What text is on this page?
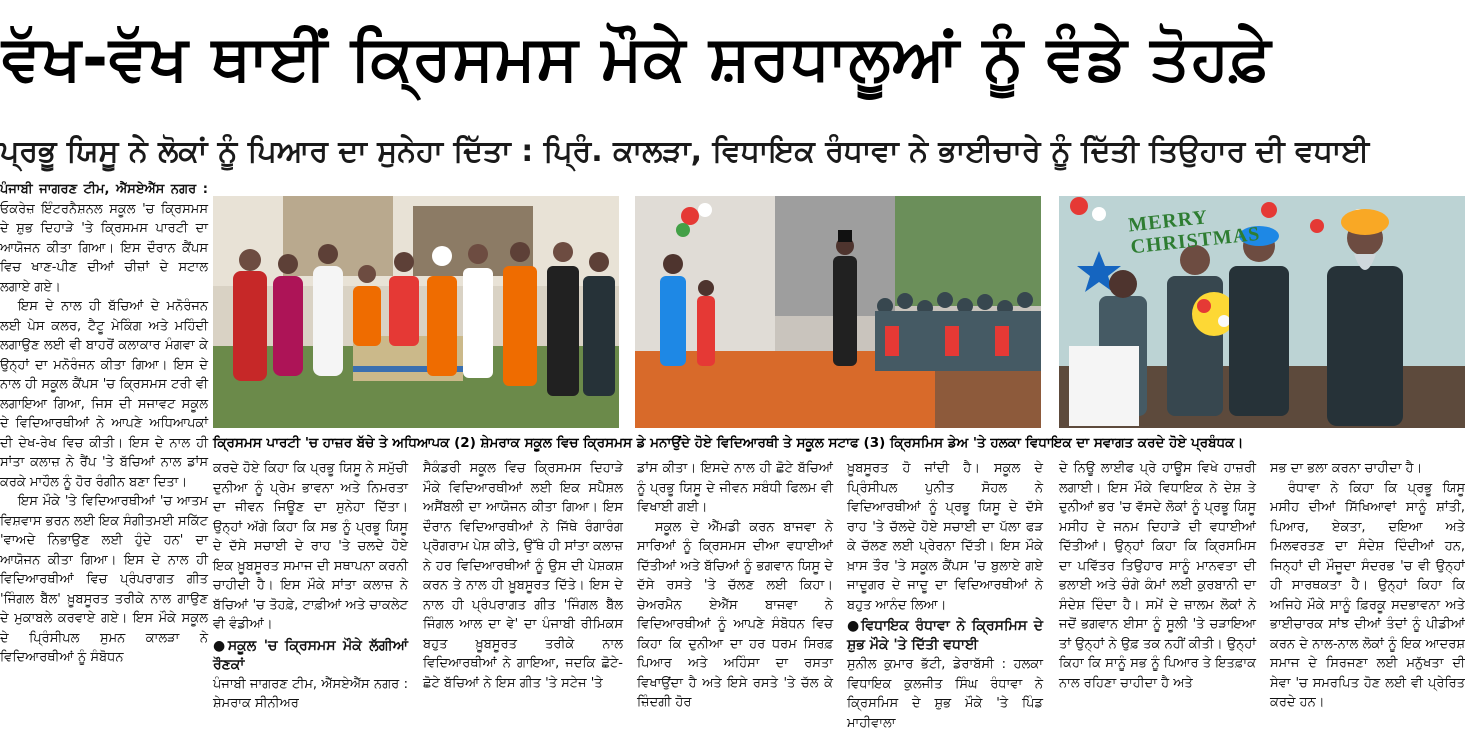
ਵੱਖ-ਵੱਖ ਥਾਈਂ ਕ੍ਰਿਸਮਸ ਮੌਕੇ ਸ਼ਰਧਾਲੂਆਂ ਨੂੰ ਵੰਡੇ ਤੋਹਫ਼ੇ
ਪ੍ਰਭੂ ਯਿਸੂ ਨੇ ਲੋਕਾਂ ਨੂੰ ਪਿਆਰ ਦਾ ਸੁਨੇਹਾ ਦਿੱਤਾ : ਪ੍ਰਿੰ. ਕਾਲੜਾ, ਵਿਧਾਇਕ ਰੰਧਾਵਾ ਨੇ ਭਾਈਚਾਰੇ ਨੂੰ ਦਿੱਤੀ ਤਿਉਹਾਰ ਦੀ ਵਧਾਈ

ਪੰਜਾਬੀ ਜਾਗਰਣ ਟੀਮ, ਐੱਸਏਐੱਸ ਨਗਰ : ਓਕਰੇਜ਼ ਇੰਟਰਨੈਸ਼ਨਲ ਸਕੂਲ 'ਚ ਕ੍ਰਿਸਮਸ ਦੇ ਸ਼ੁਭ ਦਿਹਾੜੇ 'ਤੇ ਕ੍ਰਿਸਮਸ ਪਾਰਟੀ ਦਾ ਆਯੋਜਨ ਕੀਤਾ ਗਿਆ। ਇਸ ਦੌਰਾਨ ਕੈਂਪਸ ਵਿਚ ਖਾਣ-ਪੀਣ ਦੀਆਂ ਚੀਜ਼ਾਂ ਦੇ ਸਟਾਲ ਲਗਾਏ ਗਏ।

ਇਸ ਦੇ ਨਾਲ ਹੀ ਬੱਚਿਆਂ ਦੇ ਮਨੋਰੰਜਨ ਲਈ ਪੇਸ ਕਲਰ, ਟੈਟੂ ਮੇਕਿੰਗ ਅਤੇ ਮਹਿੰਦੀ ਲਗਾਉਣ ਲਈ ਵੀ ਬਾਹਰੋਂ ਕਲਾਕਾਰ ਮੰਗਵਾ ਕੇ ਉਨ੍ਹਾਂ ਦਾ ਮਨੋਰੰਜਨ ਕੀਤਾ ਗਿਆ। ਇਸ ਦੇ ਨਾਲ ਹੀ ਸਕੂਲ ਕੈਂਪਸ 'ਚ ਕ੍ਰਿਸਮਸ ਟਰੀ ਵੀ ਲਗਾਇਆ ਗਿਆ, ਜਿਸ ਦੀ ਸਜਾਵਟ ਸਕੂਲ ਦੇ ਵਿਦਿਆਰਥੀਆਂ ਨੇ ਆਪਣੇ ਅਧਿਆਪਕਾਂ ਦੀ ਦੇਖ-ਰੇਖ ਵਿਚ ਕੀਤੀ। ਇਸ ਦੇ ਨਾਲ ਹੀ ਸਾਂਤਾ ਕਲਾਜ਼ ਨੇ ਰੈਂਪ 'ਤੇ ਬੱਚਿਆਂ ਨਾਲ ਡਾਂਸ ਕਰਕੇ ਮਾਹੌਲ ਨੂੰ ਹੋਰ ਰੰਗੀਨ ਬਣਾ ਦਿਤਾ।

ਇਸ ਮੌਕੇ 'ਤੇ ਵਿਦਿਆਰਥੀਆਂ 'ਚ ਆਤਮ ਵਿਸ਼ਵਾਸ ਭਰਨ ਲਈ ਇਕ ਸੰਗੀਤਮਈ ਸਕਿੱਟ 'ਵਾਅਦੇ ਨਿਭਾਉਣ ਲਈ ਹੁੰਦੇ ਹਨ' ਦਾ ਆਯੋਜਨ ਕੀਤਾ ਗਿਆ। ਇਸ ਦੇ ਨਾਲ ਹੀ ਵਿਦਿਆਰਥੀਆਂ ਵਿਚ ਪ੍ਰੰਪਰਾਗਤ ਗੀਤ 'ਜਿੰਗਲ ਬੈੱਲ' ਖ਼ੂਬਸੂਰਤ ਤਰੀਕੇ ਨਾਲ ਗਾਉਣ ਦੇ ਮੁਕਾਬਲੇ ਕਰਵਾਏ ਗਏ। ਇਸ ਮੌਕੇ ਸਕੂਲ ਦੇ ਪ੍ਰਿੰਸੀਪਲ ਸੁਮਨ ਕਾਲੜਾ ਨੇ ਵਿਦਿਆਰਥੀਆਂ ਨੂੰ ਸੰਬੋਧਨ

MERRY CHRISTMAS
ਕ੍ਰਿਸਮਸ ਪਾਰਟੀ 'ਚ ਹਾਜ਼ਰ ਬੱਚੇ ਤੇ ਅਧਿਆਪਕ (2) ਸ਼ੇਮਰਾਕ ਸਕੂਲ ਵਿਚ ਕ੍ਰਿਸਮਸ ਡੇ ਮਨਾਉਂਦੇ ਹੋਏ ਵਿਦਿਆਰਥੀ ਤੇ ਸਕੂਲ ਸਟਾਫ (3) ਕ੍ਰਿਸਮਿਸ ਡੇਅ 'ਤੇ ਹਲਕਾ ਵਿਧਾਇਕ ਦਾ ਸਵਾਗਤ ਕਰਦੇ ਹੋਏ ਪ੍ਰਬੰਧਕ।

ਕਰਦੇ ਹੋਏ ਕਿਹਾ ਕਿ ਪ੍ਰਭੂ ਯਿਸੂ ਨੇ ਸਮੁੱਚੀ ਦੁਨੀਆ ਨੂੰ ਪ੍ਰੇਮ ਭਾਵਨਾ ਅਤੇ ਨਿਮਰਤਾ ਦਾ ਜੀਵਨ ਜਿਊਣ ਦਾ ਸੁਨੇਹਾ ਦਿੱਤਾ। ਉਨ੍ਹਾਂ ਅੱਗੇ ਕਿਹਾ ਕਿ ਸਭ ਨੂੰ ਪ੍ਰਭੂ ਯਿਸੂ ਦੇ ਦੱਸੇ ਸਚਾਈ ਦੇ ਰਾਹ 'ਤੇ ਚਲਦੇ ਹੋਏ ਇਕ ਖ਼ੂਬਸੂਰਤ ਸਮਾਜ ਦੀ ਸਥਾਪਨਾ ਕਰਨੀ ਚਾਹੀਦੀ ਹੈ। ਇਸ ਮੌਕੇ ਸਾਂਤਾ ਕਲਾਜ਼ ਨੇ ਬੱਚਿਆਂ 'ਚ ਤੋਹਫ਼ੇ, ਟਾਫ਼ੀਆਂ ਅਤੇ ਚਾਕਲੇਟ ਵੀ ਵੰਡੀਆਂ।

●ਸਕੂਲ 'ਚ ਕ੍ਰਿਸਮਸ ਮੌਕੇ ਲੱਗੀਆਂ ਰੌਣਕਾਂ

ਪੰਜਾਬੀ ਜਾਗਰਣ ਟੀਮ, ਐੱਸਏਐੱਸ ਨਗਰ : ਸ਼ੇਮਰਾਕ ਸੀਨੀਅਰ

ਸੈਕੰਡਰੀ ਸਕੂਲ ਵਿਚ ਕ੍ਰਿਸਮਸ ਦਿਹਾੜੇ ਮੌਕੇ ਵਿਦਿਆਰਥੀਆਂ ਲਈ ਇਕ ਸਪੈਸ਼ਲ ਅਸੈਂਬਲੀ ਦਾ ਆਯੋਜਨ ਕੀਤਾ ਗਿਆ। ਇਸ ਦੌਰਾਨ ਵਿਦਿਆਰਥੀਆਂ ਨੇ ਜਿੱਥੇ ਰੰਗਾਰੰਗ ਪ੍ਰੋਗਰਾਮ ਪੇਸ਼ ਕੀਤੇ, ਉੱਥੇ ਹੀ ਸਾਂਤਾ ਕਲਾਜ਼ ਨੇ ਹਰ ਵਿਦਿਆਰਥੀਆਂ ਨੂੰ ਉਸ ਦੀ ਪੇਸ਼ਕਸ਼ ਕਰਨ ਤੇ ਨਾਲ ਹੀ ਖ਼ੂਬਸੂਰਤ ਦਿੱਤੇ। ਇਸ ਦੇ ਨਾਲ ਹੀ ਪ੍ਰੰਪਰਾਗਤ ਗੀਤ 'ਜਿੰਗਲ ਬੈੱਲ ਜਿੰਗਲ ਆਲ ਦਾ ਵੇ' ਦਾ ਪੰਜਾਬੀ ਰੀਮਿਕਸ ਬਹੁਤ ਖ਼ੂਬਸੂਰਤ ਤਰੀਕੇ ਨਾਲ ਵਿਦਿਆਰਥੀਆਂ ਨੇ ਗਾਇਆ, ਜਦਕਿ ਛੋਟੇ-ਛੋਟੇ ਬੱਚਿਆਂ ਨੇ ਇਸ ਗੀਤ 'ਤੇ ਸਟੇਜ 'ਤੇ

ਡਾਂਸ ਕੀਤਾ। ਇਸਦੇ ਨਾਲ ਹੀ ਛੋਟੇ ਬੱਚਿਆਂ ਨੂੰ ਪ੍ਰਭੂ ਯਿਸੂ ਦੇ ਜੀਵਨ ਸਬੰਧੀ ਫਿਲਮ ਵੀ ਵਿਖਾਈ ਗਈ।

ਸਕੂਲ ਦੇ ਐੱਮਡੀ ਕਰਨ ਬਾਜਵਾ ਨੇ ਸਾਰਿਆਂ ਨੂੰ ਕ੍ਰਿਸਮਸ ਦੀਆ ਵਧਾਈਆਂ ਦਿੱਤੀਆਂ ਅਤੇ ਬੱਚਿਆਂ ਨੂੰ ਭਗਵਾਨ ਯਿਸੂ ਦੇ ਦੱਸੇ ਰਸਤੇ 'ਤੇ ਚੱਲਣ ਲਈ ਕਿਹਾ। ਚੇਅਰਮੈਨ ਏਐੱਸ ਬਾਜਵਾ ਨੇ ਵਿਦਿਆਰਥੀਆਂ ਨੂੰ ਆਪਣੇ ਸੰਬੋਧਨ ਵਿਚ ਕਿਹਾ ਕਿ ਦੁਨੀਆ ਦਾ ਹਰ ਧਰਮ ਸਿਰਫ਼ ਪਿਆਰ ਅਤੇ ਅਹਿੰਸਾ ਦਾ ਰਸਤਾ ਵਿਖਾਉਂਦਾ ਹੈ ਅਤੇ ਇਸੇ ਰਸਤੇ 'ਤੇ ਚੱਲ ਕੇ ਜ਼ਿੰਦਗੀ ਹੋਰ

ਖ਼ੂਬਸੂਰਤ ਹੋ ਜਾਂਦੀ ਹੈ। ਸਕੂਲ ਦੇ ਪ੍ਰਿੰਸੀਪਲ ਪੁਨੀਤ ਸੋਹਲ ਨੇ ਵਿਦਿਆਰਥੀਆਂ ਨੂੰ ਪ੍ਰਭੂ ਯਿਸੂ ਦੇ ਦੱਸੇ ਰਾਹ 'ਤੇ ਚੱਲਦੇ ਹੋਏ ਸਚਾਈ ਦਾ ਪੱਲਾ ਫੜ ਕੇ ਚੱਲਣ ਲਈ ਪ੍ਰੇਰਨਾ ਦਿੱਤੀ। ਇਸ ਮੌਕੇ ਖ਼ਾਸ ਤੌਰ 'ਤੇ ਸਕੂਲ ਕੈਂਪਸ 'ਚ ਬੁਲਾਏ ਗਏ ਜਾਦੂਗਰ ਦੇ ਜਾਦੂ ਦਾ ਵਿਦਿਆਰਥੀਆਂ ਨੇ ਬਹੁਤ ਆਨੰਦ ਲਿਆ।

●ਵਿਧਾਇਕ ਰੰਧਾਵਾ ਨੇ ਕ੍ਰਿਸਮਿਸ ਦੇ ਸ਼ੁਭ ਮੌਕੇ 'ਤੇ ਦਿੱਤੀ ਵਧਾਈ

ਸੁਨੀਲ ਕੁਮਾਰ ਭੱਟੀ, ਡੇਰਾਬੱਸੀ : ਹਲਕਾ ਵਿਧਾਇਕ ਕੁਲਜੀਤ ਸਿੰਘ ਰੰਧਾਵਾ ਨੇ ਕ੍ਰਿਸਮਿਸ ਦੇ ਸ਼ੁਭ ਮੌਕੇ 'ਤੇ ਪਿੰਡ ਮਾਹੀਵਾਲਾ

ਦੇ ਨਿਊ ਲਾਈਫ ਪ੍ਰੇ ਹਾਊਸ ਵਿਖੇ ਹਾਜ਼ਰੀ ਲਗਾਈ। ਇਸ ਮੌਕੇ ਵਿਧਾਇਕ ਨੇ ਦੇਸ਼ ਤੇ ਦੁਨੀਆਂ ਭਰ 'ਚ ਵੱਸਦੇ ਲੋਕਾਂ ਨੂੰ ਪ੍ਰਭੂ ਯਿਸੂ ਮਸੀਹ ਦੇ ਜਨਮ ਦਿਹਾੜੇ ਦੀ ਵਧਾਈਆਂ ਦਿੱਤੀਆਂ। ਉਨ੍ਹਾਂ ਕਿਹਾ ਕਿ ਕ੍ਰਿਸਮਿਸ ਦਾ ਪਵਿੱਤਰ ਤਿਉਹਾਰ ਸਾਨੂੰ ਮਾਨਵਤਾ ਦੀ ਭਲਾਈ ਅਤੇ ਚੰਗੇ ਕੰਮਾਂ ਲਈ ਕੁਰਬਾਨੀ ਦਾ ਸੰਦੇਸ਼ ਦਿੰਦਾ ਹੈ। ਸਮੇਂ ਦੇ ਜ਼ਾਲਮ ਲੋਕਾਂ ਨੇ ਜਦੋਂ ਭਗਵਾਨ ਈਸਾ ਨੂੰ ਸੂਲੀ 'ਤੇ ਚੜਾਇਆ ਤਾਂ ਉਨ੍ਹਾਂ ਨੇ ਉਫ਼ ਤਕ ਨਹੀਂ ਕੀਤੀ। ਉਨ੍ਹਾਂ ਕਿਹਾ ਕਿ ਸਾਨੂੰ ਸਭ ਨੂੰ ਪਿਆਰ ਤੇ ਇਤਫ਼ਾਕ ਨਾਲ ਰਹਿਣਾ ਚਾਹੀਦਾ ਹੈ ਅਤੇ

ਸਭ ਦਾ ਭਲਾ ਕਰਨਾ ਚਾਹੀਦਾ ਹੈ।

ਰੰਧਾਵਾ ਨੇ ਕਿਹਾ ਕਿ ਪ੍ਰਭੂ ਯਿਸੂ ਮਸੀਹ ਦੀਆਂ ਸਿੱਖਿਆਵਾਂ ਸਾਨੂੰ ਸ਼ਾਂਤੀ, ਪਿਆਰ, ਏਕਤਾ, ਦਇਆ ਅਤੇ ਮਿਲਵਰਤਣ ਦਾ ਸੰਦੇਸ਼ ਦਿੰਦੀਆਂ ਹਨ, ਜਿਨ੍ਹਾਂ ਦੀ ਮੌਜੂਦਾ ਸੰਦਰਭ 'ਚ ਵੀ ਉਨ੍ਹਾਂ ਹੀ ਸਾਰਥਕਤਾ ਹੈ। ਉਨ੍ਹਾਂ ਕਿਹਾ ਕਿ ਅਜਿਹੇ ਮੌਕੇ ਸਾਨੂੰ ਫ਼ਿਰਕੂ ਸਦਭਾਵਨਾ ਅਤੇ ਭਾਈਚਾਰਕ ਸਾਂਝ ਦੀਆਂ ਤੰਦਾਂ ਨੂੰ ਪੀਡੀਆਂ ਕਰਨ ਦੇ ਨਾਲ-ਨਾਲ ਲੋਕਾਂ ਨੂੰ ਇਕ ਆਦਰਸ਼ ਸਮਾਜ ਦੇ ਸਿਰਜਣਾ ਲਈ ਮਨੁੱਖਤਾ ਦੀ ਸੇਵਾ 'ਚ ਸਮਰਪਿਤ ਹੋਣ ਲਈ ਵੀ ਪ੍ਰੇਰਿਤ ਕਰਦੇ ਹਨ।
